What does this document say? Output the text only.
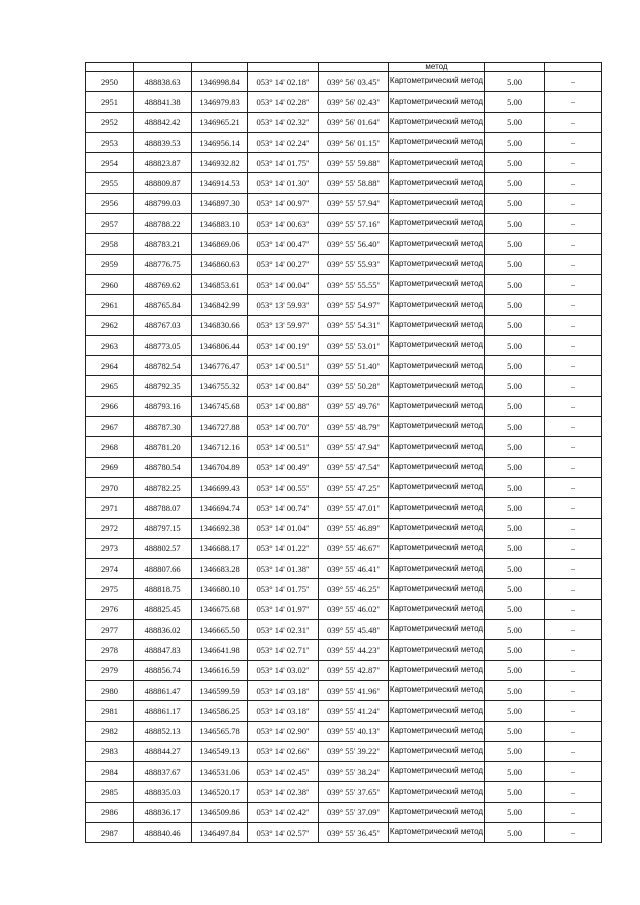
					метод		
2950	488838.63	1346998.84	053° 14' 02.18"	039° 56' 03.45"	Картометрический метод	5.00	–
2951	488841.38	1346979.83	053° 14' 02.28"	039° 56' 02.43"	Картометрический метод	5.00	–
2952	488842.42	1346965.21	053° 14' 02.32"	039° 56' 01.64"	Картометрический метод	5.00	–
2953	488839.53	1346956.14	053° 14' 02.24"	039° 56' 01.15"	Картометрический метод	5.00	–
2954	488823.87	1346932.82	053° 14' 01.75"	039° 55' 59.88"	Картометрический метод	5.00	–
2955	488809.87	1346914.53	053° 14' 01.30"	039° 55' 58.88"	Картометрический метод	5.00	–
2956	488799.03	1346897.30	053° 14' 00.97"	039° 55' 57.94"	Картометрический метод	5.00	–
2957	488788.22	1346883.10	053° 14' 00.63"	039° 55' 57.16"	Картометрический метод	5.00	–
2958	488783.21	1346869.06	053° 14' 00.47"	039° 55' 56.40"	Картометрический метод	5.00	–
2959	488776.75	1346860.63	053° 14' 00.27"	039° 55' 55.93"	Картометрический метод	5.00	–
2960	488769.62	1346853.61	053° 14' 00.04"	039° 55' 55.55"	Картометрический метод	5.00	–
2961	488765.84	1346842.99	053° 13' 59.93"	039° 55' 54.97"	Картометрический метод	5.00	–
2962	488767.03	1346830.66	053° 13' 59.97"	039° 55' 54.31"	Картометрический метод	5.00	–
2963	488773.05	1346806.44	053° 14' 00.19"	039° 55' 53.01"	Картометрический метод	5.00	–
2964	488782.54	1346776.47	053° 14' 00.51"	039° 55' 51.40"	Картометрический метод	5.00	–
2965	488792.35	1346755.32	053° 14' 00.84"	039° 55' 50.28"	Картометрический метод	5.00	–
2966	488793.16	1346745.68	053° 14' 00.88"	039° 55' 49.76"	Картометрический метод	5.00	–
2967	488787.30	1346727.88	053° 14' 00.70"	039° 55' 48.79"	Картометрический метод	5.00	–
2968	488781.20	1346712.16	053° 14' 00.51"	039° 55' 47.94"	Картометрический метод	5.00	–
2969	488780.54	1346704.89	053° 14' 00.49"	039° 55' 47.54"	Картометрический метод	5.00	–
2970	488782.25	1346699.43	053° 14' 00.55"	039° 55' 47.25"	Картометрический метод	5.00	–
2971	488788.07	1346694.74	053° 14' 00.74"	039° 55' 47.01"	Картометрический метод	5.00	–
2972	488797.15	1346692.38	053° 14' 01.04"	039° 55' 46.89"	Картометрический метод	5.00	–
2973	488802.57	1346688.17	053° 14' 01.22"	039° 55' 46.67"	Картометрический метод	5.00	–
2974	488807.66	1346683.28	053° 14' 01.38"	039° 55' 46.41"	Картометрический метод	5.00	–
2975	488818.75	1346680.10	053° 14' 01.75"	039° 55' 46.25"	Картометрический метод	5.00	–
2976	488825.45	1346675.68	053° 14' 01.97"	039° 55' 46.02"	Картометрический метод	5.00	–
2977	488836.02	1346665.50	053° 14' 02.31"	039° 55' 45.48"	Картометрический метод	5.00	–
2978	488847.83	1346641.98	053° 14' 02.71"	039° 55' 44.23"	Картометрический метод	5.00	–
2979	488856.74	1346616.59	053° 14' 03.02"	039° 55' 42.87"	Картометрический метод	5.00	–
2980	488861.47	1346599.59	053° 14' 03.18"	039° 55' 41.96"	Картометрический метод	5.00	–
2981	488861.17	1346586.25	053° 14' 03.18"	039° 55' 41.24"	Картометрический метод	5.00	–
2982	488852.13	1346565.78	053° 14' 02.90"	039° 55' 40.13"	Картометрический метод	5.00	–
2983	488844.27	1346549.13	053° 14' 02.66"	039° 55' 39.22"	Картометрический метод	5.00	–
2984	488837.67	1346531.06	053° 14' 02.45"	039° 55' 38.24"	Картометрический метод	5.00	–
2985	488835.03	1346520.17	053° 14' 02.38"	039° 55' 37.65"	Картометрический метод	5.00	–
2986	488836.17	1346509.86	053° 14' 02.42"	039° 55' 37.09"	Картометрический метод	5.00	–
2987	488840.46	1346497.84	053° 14' 02.57"	039° 55' 36.45"	Картометрический метод	5.00	–
